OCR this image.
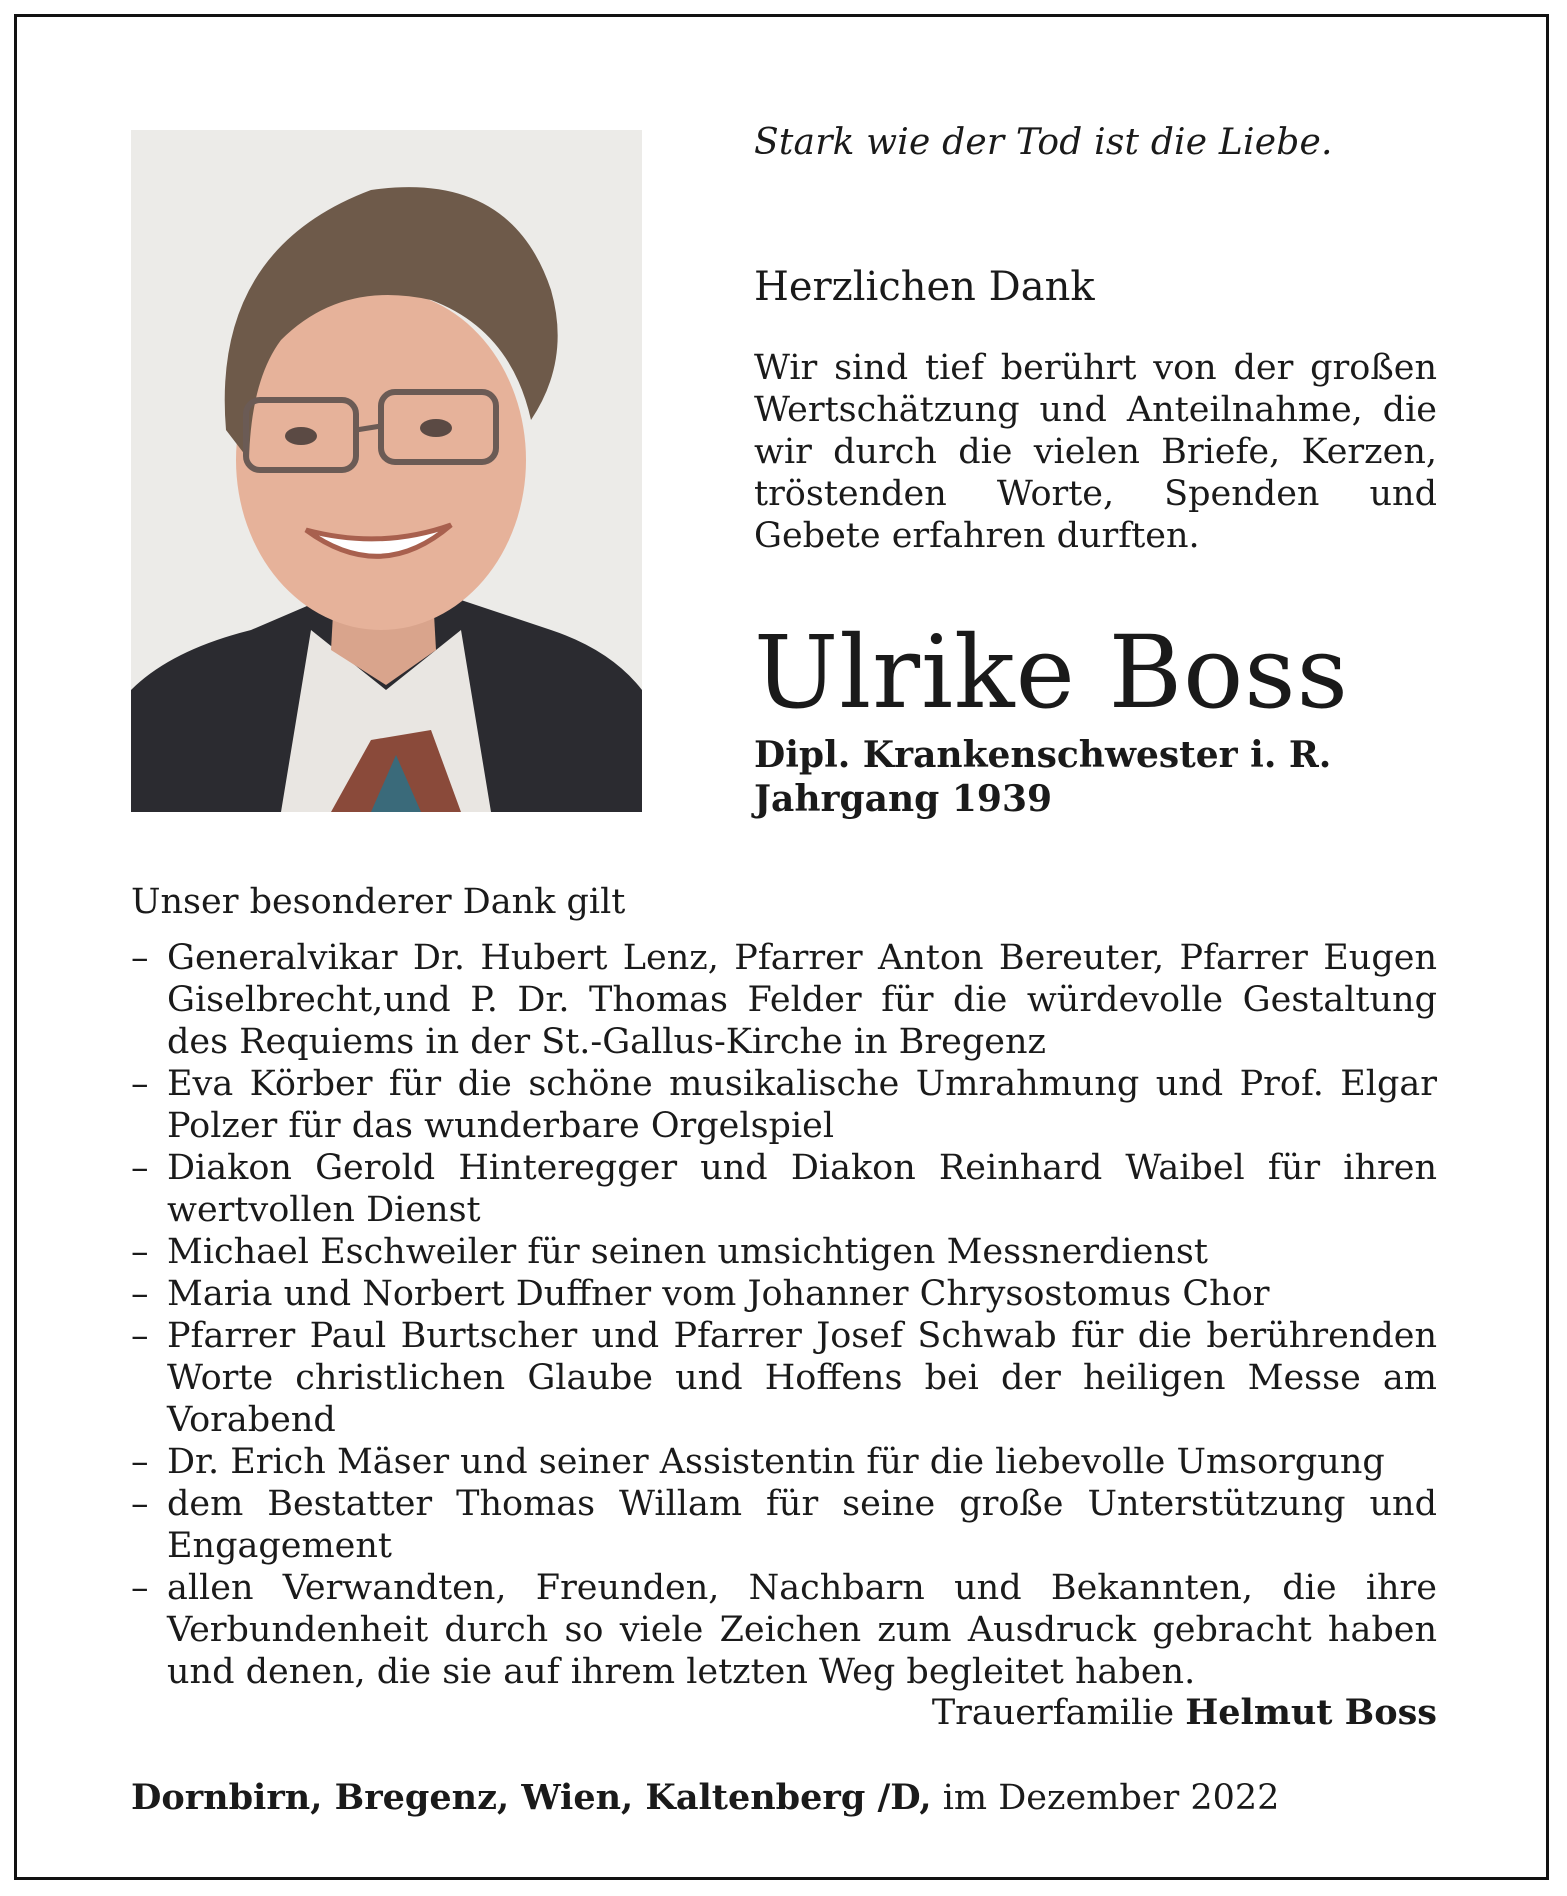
Stark wie der Tod ist die Liebe.
Herzlichen Dank
Wir sind tief berührt von der großen Wertschätzung und Anteilnahme, die wir durch die vielen Briefe, Kerzen, tröstenden Worte, Spenden und Gebete erfahren durften.
Ulrike Boss
Dipl. Krankenschwester i. R.
Jahrgang 1939
Unser besonderer Dank gilt
– Generalvikar Dr. Hubert Lenz, Pfarrer Anton Bereuter, Pfarrer Eugen Giselbrecht,und P. Dr. Thomas Felder für die würdevolle Gestaltung des Requiems in der St.-Gallus-Kirche in Bregenz
– Eva Körber für die schöne musikalische Umrahmung und Prof. Elgar Polzer für das wunderbare Orgelspiel
– Diakon Gerold Hinteregger und Diakon Reinhard Waibel für ihren wertvollen Dienst
– Michael Eschweiler für seinen umsichtigen Messnerdienst
– Maria und Norbert Duffner vom Johanner Chrysostomus Chor
– Pfarrer Paul Burtscher und Pfarrer Josef Schwab für die berührenden Worte christlichen Glaube und Hoffens bei der heiligen Messe am Vorabend
– Dr. Erich Mäser und seiner Assistentin für die liebevolle Umsorgung
– dem Bestatter Thomas Willam für seine große Unterstützung und Engagement
– allen Verwandten, Freunden, Nachbarn und Bekannten, die ihre Verbundenheit durch so viele Zeichen zum Ausdruck gebracht haben und denen, die sie auf ihrem letzten Weg begleitet haben.
Trauerfamilie Helmut Boss
Dornbirn, Bregenz, Wien, Kaltenberg /D, im Dezember 2022
